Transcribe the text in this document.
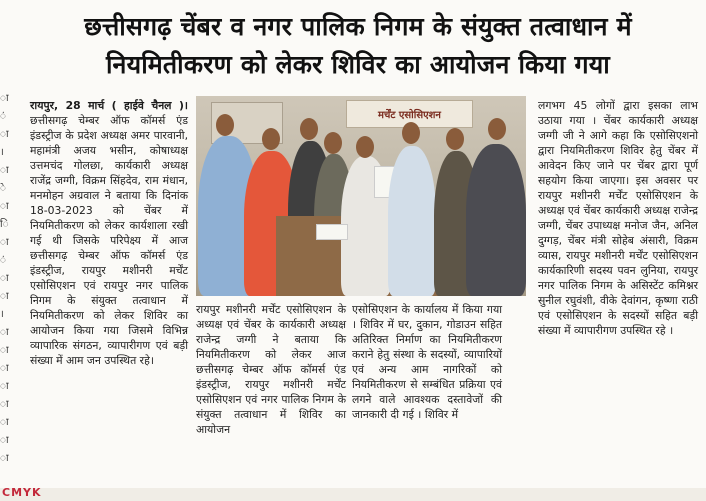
छत्तीसगढ़ चेंबर व नगर पालिक निगम के संयुक्त तत्वाधान में
नियमितीकरण को लेकर शिविर का आयोजन किया गया
ा
ं
ा
।
ा
े
ा
ि
ा
ं
ा
ा
।
ा
ा
ा
ा
ा
ा
ा
ा

रायपुर, 28 मार्च ( हाईवे चैनल )। छत्तीसगढ़ चेम्बर ऑफ कॉमर्स एंड इंडस्ट्रीज के प्रदेश अध्यक्ष अमर पारवानी, महामंत्री अजय भसीन, कोषाध्यक्ष उत्तमचंद गोलछा, कार्यकारी अध्यक्ष राजेंद्र जग्गी, विक्रम सिंहदेव, राम मंधान, मनमोहन अग्रवाल ने बताया कि दिनांक 18-03-2023 को चेंबर में नियमितीकरण को लेकर कार्यशाला रखी गई थी जिसके परिपेक्ष्य में आज छत्तीसगढ़ चेम्बर ऑफ कॉमर्स एंड इंडस्ट्रीज, रायपुर मशीनरी मर्चेंट एसोसिएशन एवं रायपुर नगर पालिक निगम के संयुक्त तत्वाधान में नियमितीकरण को लेकर शिविर का आयोजन किया गया जिसमे विभिन्न व्यापारिक संगठन, व्यापारीगण एवं बड़ी संख्या में आम जन उपस्थित रहे।

मर्चेंट एसोसिएशन

रायपुर मशीनरी मर्चेंट एसोसिएशन के अध्यक्ष एवं चेंबर के कार्यकारी अध्यक्ष राजेन्द्र जग्गी ने बताया कि नियमितीकरण को लेकर आज छत्तीसगढ़ चेम्बर ऑफ कॉमर्स एंड इंडस्ट्रीज, रायपुर मशीनरी मर्चेंट एसोसिएशन एवं नगर पालिक निगम के संयुक्त तत्वाधान में शिविर का आयोजन

एसोसिएशन के कार्यालय में किया गया । शिविर में घर, दुकान, गोडाउन सहित अतिरिक्त निर्माण का नियमितीकरण कराने हेतु संस्था के सदस्यों, व्यापारियों एवं अन्य आम नागरिकों को नियमितीकरण से सम्बंधित प्रक्रिया एवं लगने वाले आवश्यक दस्तावेजों की जानकारी दी गई । शिविर में

लगभग 45 लोगों द्वारा इसका लाभ उठाया गया । चेंबर कार्यकारी अध्यक्ष जग्गी जी ने आगे कहा कि एसोसिएशनो द्वारा नियमितीकरण शिविर हेतु चेंबर में आवेदन किए जाने पर चेंबर द्वारा पूर्ण सहयोग किया जाएगा। इस अवसर पर रायपुर मशीनरी मर्चेंट एसोसिएशन के अध्यक्ष एवं चेंबर कार्यकारी अध्यक्ष राजेन्द्र जग्गी, चेंबर उपाध्यक्ष मनोज जैन, अनिल दुग्गड़, चेंबर मंत्री सोहेब अंसारी, विक्रम व्यास, रायपुर मशीनरी मर्चेंट एसोसिएशन कार्यकारिणी सदस्य पवन लुनिया, रायपुर नगर पालिक निगम के असिस्टेंट कमिश्नर सुनील रघुवंशी, वीके देवांगन, कृष्णा राठी एवं एसोसिएशन के सदस्यों सहित बड़ी संख्या में व्यापारीगण उपस्थित रहे ।

CMYK
